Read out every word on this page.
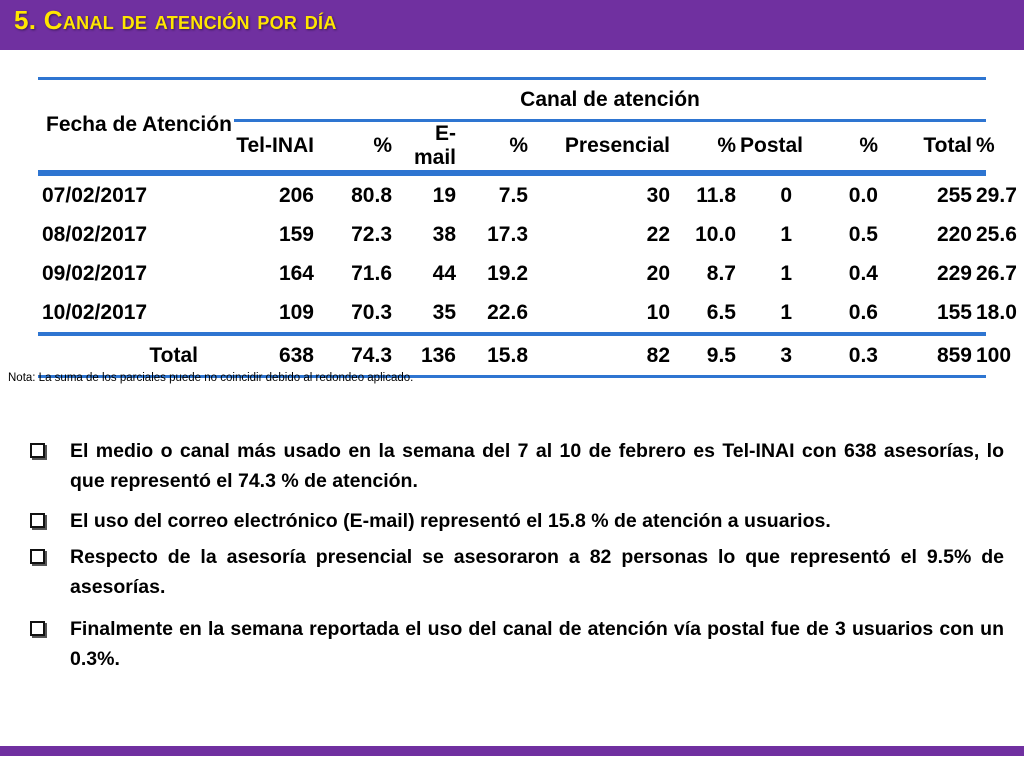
5. Canal de atención por día
Fecha de Atención	Canal de atención									
	Tel-INAI	%	E-mail	%	Presencial	%	Postal	%	Total	%

07/02/2017	206	80.8	19	7.5	30	11.8	0	0.0	255	29.7
08/02/2017	159	72.3	38	17.3	22	10.0	1	0.5	220	25.6
09/02/2017	164	71.6	44	19.2	20	8.7	1	0.4	229	26.7
10/02/2017	109	70.3	35	22.6	10	6.5	1	0.6	155	18.0
Total	638	74.3	136	15.8	82	9.5	3	0.3	859	100
Nota: La suma de los parciales puede no coincidir debido al redondeo aplicado.
El medio o canal más usado en la semana del 7 al 10 de febrero es Tel-INAI con 638 asesorías, lo que representó el 74.3 % de atención.
El uso del correo electrónico (E-mail) representó el 15.8 % de atención a usuarios.
Respecto de la asesoría presencial se asesoraron a 82 personas lo que representó el 9.5% de asesorías.
Finalmente en la semana reportada el uso del canal de atención vía postal fue de 3 usuarios con un 0.3%.
